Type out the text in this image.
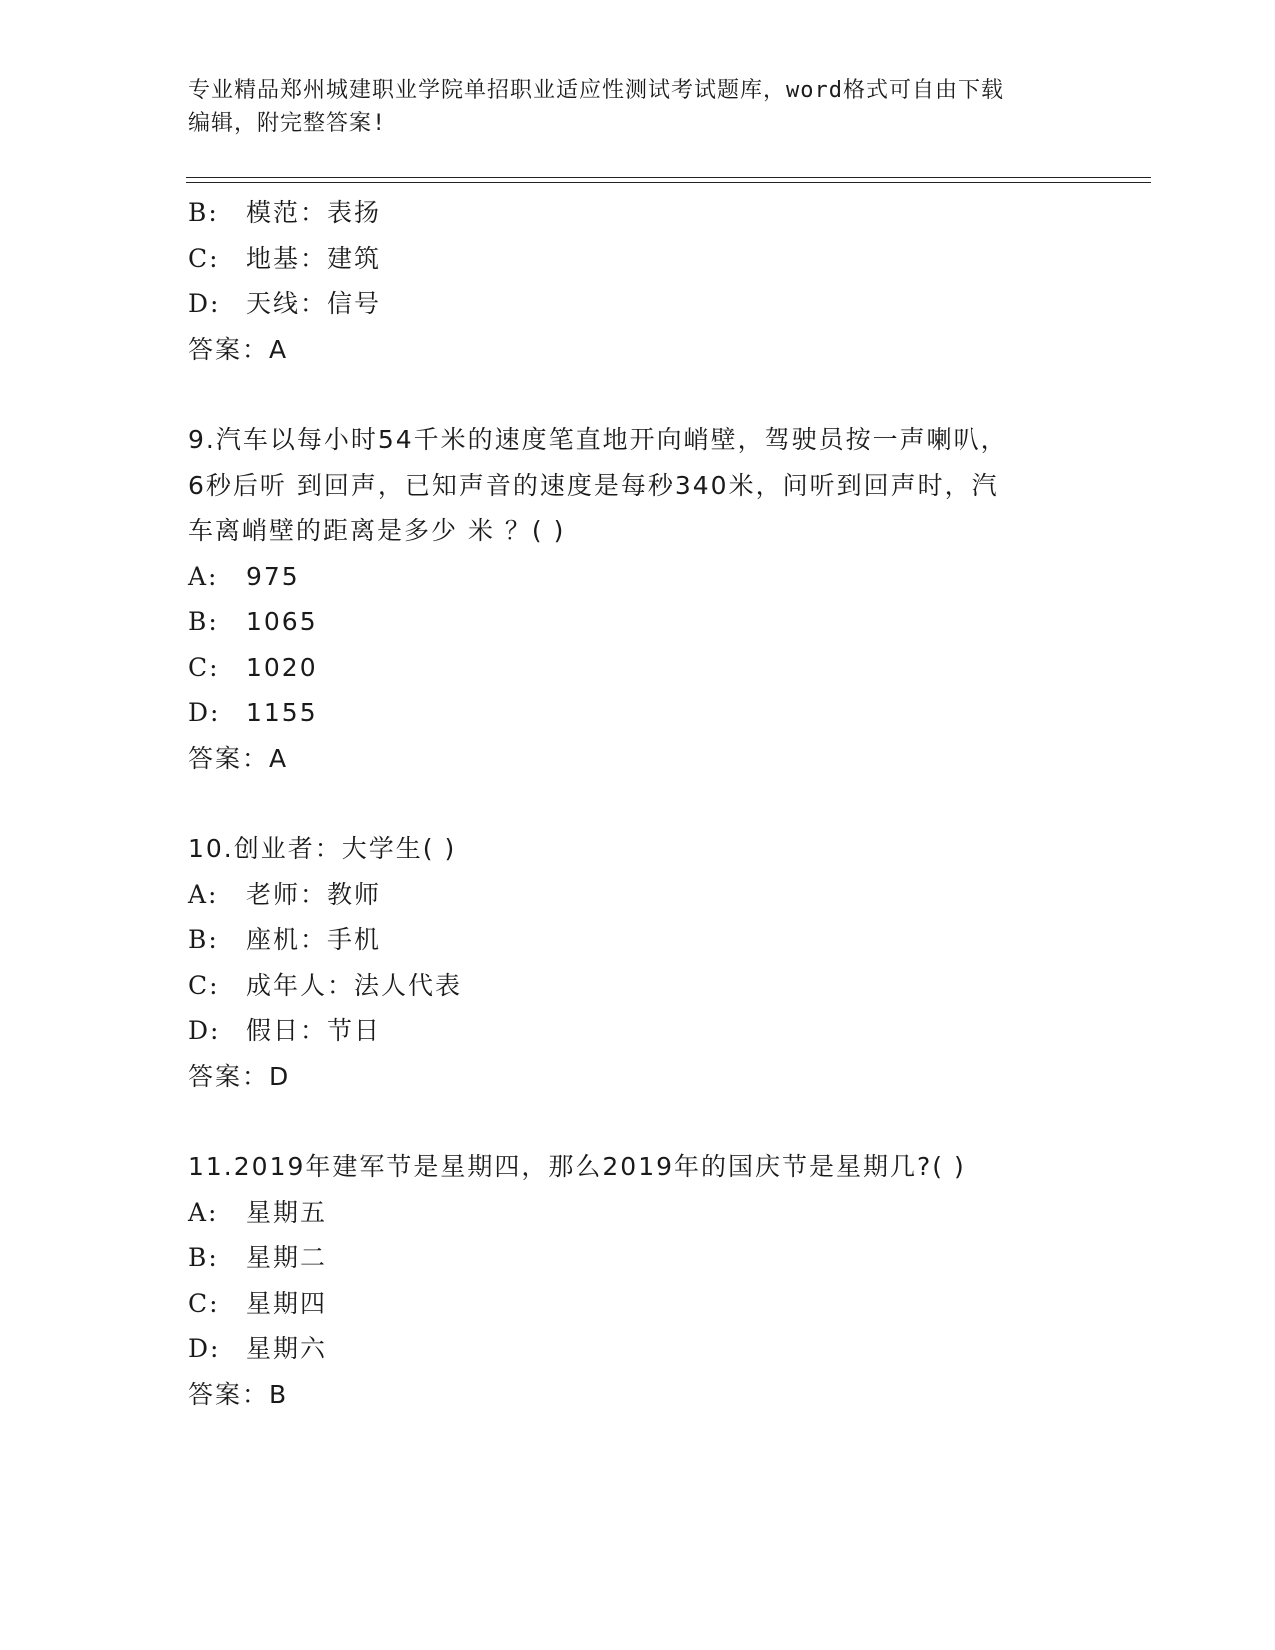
专业精品郑州城建职业学院单招职业适应性测试考试题库，word格式可自由下载
编辑，附完整答案!
B: 模范：表扬
C: 地基：建筑
D: 天线：信号
答案：A
9.汽车以每小时54千米的速度笔直地开向峭壁，驾驶员按一声喇叭，
6秒后听 到回声，已知声音的速度是每秒340米，问听到回声时，汽
车离峭壁的距离是多少 米 ？( )
A: 975
B: 1065
C: 1020
D: 1155
答案：A
10.创业者：大学生( )
A: 老师：教师
B: 座机：手机
C: 成年人：法人代表
D: 假日：节日
答案：D
11.2019年建军节是星期四，那么2019年的国庆节是星期几?( )
A: 星期五
B: 星期二
C: 星期四
D: 星期六
答案：B
